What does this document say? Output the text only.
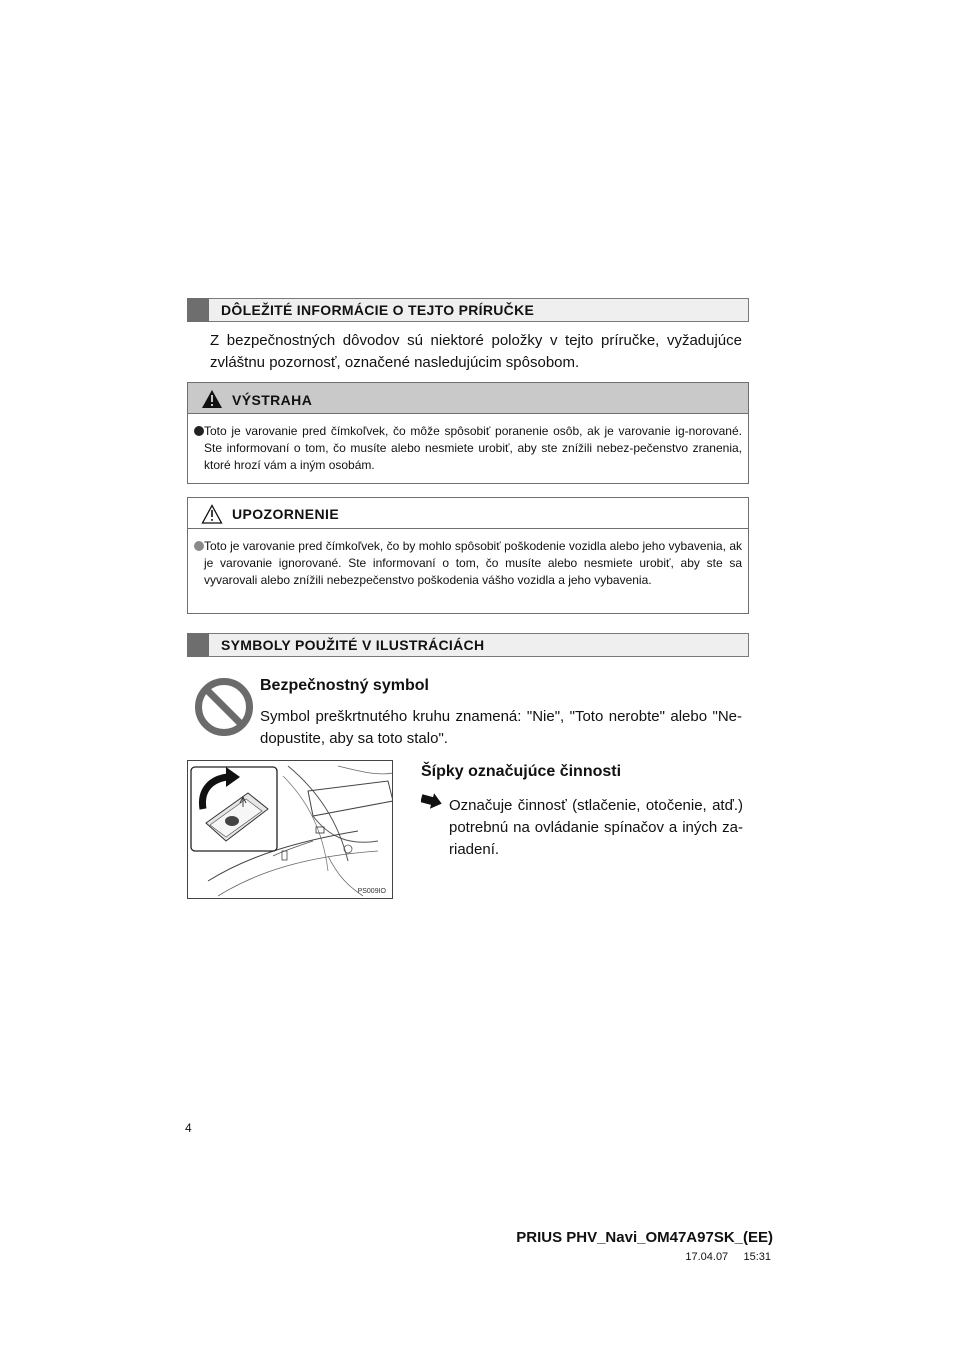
DÔLEŽITÉ INFORMÁCIE O TEJTO PRÍRUČKE

Z bezpečnostných dôvodov sú niektoré položky v tejto príručke, vyžadujúce zvláštnu pozornosť, označené nasledujúcim spôsobom.

VÝSTRAHA
Toto je varovanie pred čímkoľvek, čo môže spôsobiť poranenie osôb, ak je varovanie ig-norované. Ste informovaní o tom, čo musíte alebo nesmiete urobiť, aby ste znížili nebez-pečenstvo zranenia, ktoré hrozí vám a iným osobám.
UPOZORNENIE
Toto je varovanie pred čímkoľvek, čo by mohlo spôsobiť poškodenie vozidla alebo jeho vybavenia, ak je varovanie ignorované. Ste informovaní o tom, čo musíte alebo nesmiete urobiť, aby ste sa vyvarovali alebo znížili nebezpečenstvo poškodenia vášho vozidla a jeho vybavenia.
SYMBOLY POUŽITÉ V ILUSTRÁCIÁCH
Bezpečnostný symbol
Symbol preškrtnutého kruhu znamená: "Nie", "Toto nerobte" alebo "Ne-dopustite, aby sa toto stalo".
PS009IO
Šípky označujúce činnosti
Označuje činnosť (stlačenie, otočenie, atď.) potrebnú na ovládanie spínačov a iných za-riadení.
4
PRIUS PHV_Navi_OM47A97SK_(EE)
17.04.07     15:31
